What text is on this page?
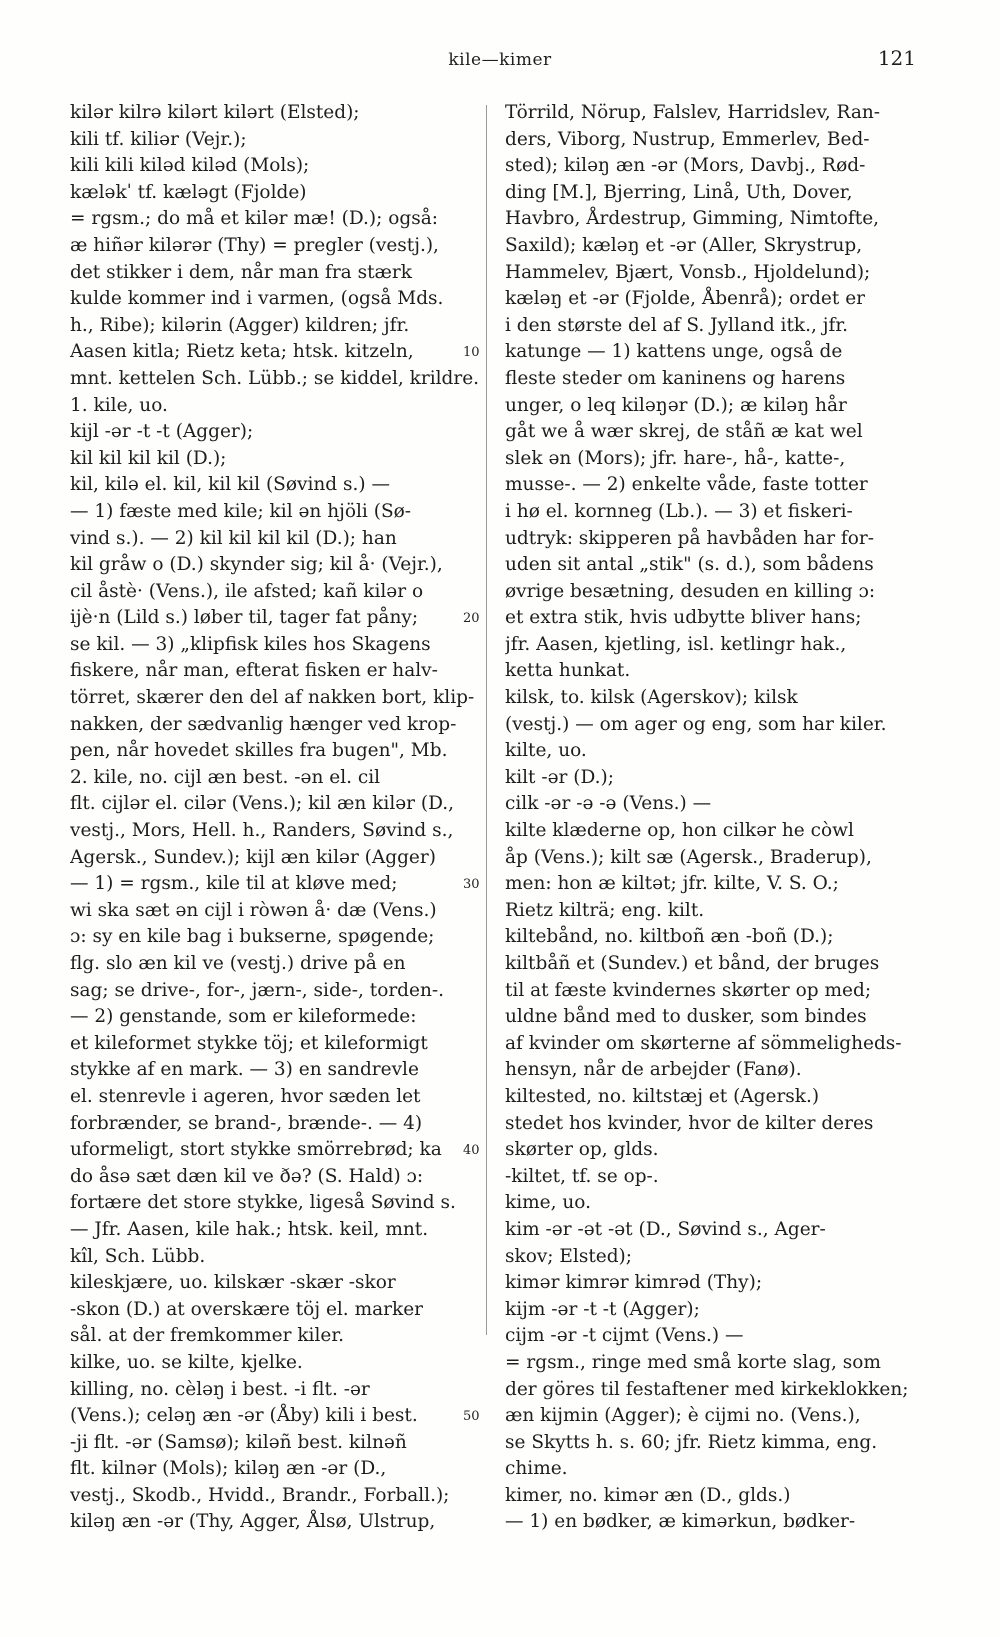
kile—kimer	121
kilər kilrə kilərt kilərt (Elsted);
kili tf. kiliər (Vejr.);
kili kili kiləd kiləd (Mols);
kæləkˈ tf. kæləgt (Fjolde)
= rgsm.; do må et kilər mæ! (D.); også:
æ hiñər kilərər (Thy) = pregler (vestj.),
det stikker i dem, når man fra stærk
kulde kommer ind i varmen, (også Mds.
h., Ribe); kilərin (Agger) kildren; jfr.
Aasen kitla; Rietz keta; htsk. kitzeln,
mnt. kettelen Sch. Lübb.; se kiddel, krildre.
1. kile, uo.
kijl -ər -t -t (Agger);
kil kil kil kil (D.);
kil, kilə el. kil, kil kil (Søvind s.) —
— 1) fæste med kile; kil ən hjöli (Sø-
vind s.). — 2) kil kil kil kil (D.); han
kil gråw o (D.) skynder sig; kil å· (Vejr.),
cil åstè· (Vens.), ile afsted; kañ kilər o
ijè·n (Lild s.) løber til, tager fat påny;
se kil. — 3) „klipfisk kiles hos Skagens
fiskere, når man, efterat fisken er halv-
törret, skærer den del af nakken bort, klip-
nakken, der sædvanlig hænger ved krop-
pen, når hovedet skilles fra bugen", Mb.
2. kile, no. cijl æn best. -ən el. cil
flt. cijlər el. cilər (Vens.); kil æn kilər (D.,
vestj., Mors, Hell. h., Randers, Søvind s.,
Agersk., Sundev.); kijl æn kilər (Agger)
— 1) = rgsm., kile til at kløve med;
wi ska sæt ən cijl i ròwən å· dæ (Vens.)
ɔ: sy en kile bag i bukserne, spøgende;
flg. slo æn kil ve (vestj.) drive på en
sag; se drive-, for-, jærn-, side-, torden-.
— 2) genstande, som er kileformede:
et kileformet stykke töj; et kileformigt
stykke af en mark. — 3) en sandrevle
el. stenrevle i ageren, hvor sæden let
forbrænder, se brand-, brænde-. — 4)
uformeligt, stort stykke smörrebrød; ka
do åsə sæt dæn kil ve ðə? (S. Hald) ɔ:
fortære det store stykke, ligeså Søvind s.
— Jfr. Aasen, kile hak.; htsk. keil, mnt.
kîl, Sch. Lübb.
kileskjære, uo. kilskær -skær -skor
-skon (D.) at overskære töj el. marker
sål. at der fremkommer kiler.
kilke, uo. se kilte, kjelke.
killing, no. cèləŋ i best. -i flt. -ər
(Vens.); celəŋ æn -ər (Åby) kili i best.
-ji flt. -ər (Samsø); kiləñ best. kilnəñ
flt. kilnər (Mols); kiləŋ æn -ər (D.,
vestj., Skodb., Hvidd., Brandr., Forball.);
kiləŋ æn -ər (Thy, Agger, Ålsø, Ulstrup,
Törrild, Nörup, Falslev, Harridslev, Ran-
ders, Viborg, Nustrup, Emmerlev, Bed-
sted); kiləŋ æn -ər (Mors, Davbj., Rød-
ding [M.], Bjerring, Linå, Uth, Dover,
Havbro, Årdestrup, Gimming, Nimtofte,
Saxild); kæləŋ et -ər (Aller, Skrystrup,
Hammelev, Bjært, Vonsb., Hjoldelund);
kæləŋ et -ər (Fjolde, Åbenrå); ordet er
i den største del af S. Jylland itk., jfr.
katunge — 1) kattens unge, også de
fleste steder om kaninens og harens
unger, o leq kiləŋər (D.); æ kiləŋ hår
gåt we å wær skrej, de ståñ æ kat wel
slek ən (Mors); jfr. hare-, hå-, katte-,
musse-. — 2) enkelte våde, faste totter
i hø el. kornneg (Lb.). — 3) et fiskeri-
udtryk: skipperen på havbåden har for-
uden sit antal „stik" (s. d.), som bådens
øvrige besætning, desuden en killing ɔ:
et extra stik, hvis udbytte bliver hans;
jfr. Aasen, kjetling, isl. ketlingr hak.,
ketta hunkat.
kilsk, to. kilsk (Agerskov); kilsk
(vestj.) — om ager og eng, som har kiler.
kilte, uo.
kilt -ər (D.);
cilk -ər -ə -ə (Vens.) —
kilte klæderne op, hon cilkər he còwl
åp (Vens.); kilt sæ (Agersk., Braderup),
men: hon æ kiltət; jfr. kilte, V. S. O.;
Rietz kilträ; eng. kilt.
kiltebånd, no. kiltboñ æn -boñ (D.);
kiltbåñ et (Sundev.) et bånd, der bruges
til at fæste kvindernes skørter op med;
uldne bånd med to dusker, som bindes
af kvinder om skørterne af sömmeligheds-
hensyn, når de arbejder (Fanø).
kiltested, no. kiltstæj et (Agersk.)
stedet hos kvinder, hvor de kilter deres
skørter op, glds.
-kiltet, tf. se op-.
kime, uo.
kim -ər -ət -ət (D., Søvind s., Ager-
skov; Elsted);
kimər kimrər kimrəd (Thy);
kijm -ər -t -t (Agger);
cijm -ər -t cijmt (Vens.) —
= rgsm., ringe med små korte slag, som
der göres til festaftener med kirkeklokken;
æn kijmin (Agger); è cijmi no. (Vens.),
se Skytts h. s. 60; jfr. Rietz kimma, eng.
chime.
kimer, no. kimər æn (D., glds.)
— 1) en bødker, æ kimərkun, bødker-
10
20
30
40
50
